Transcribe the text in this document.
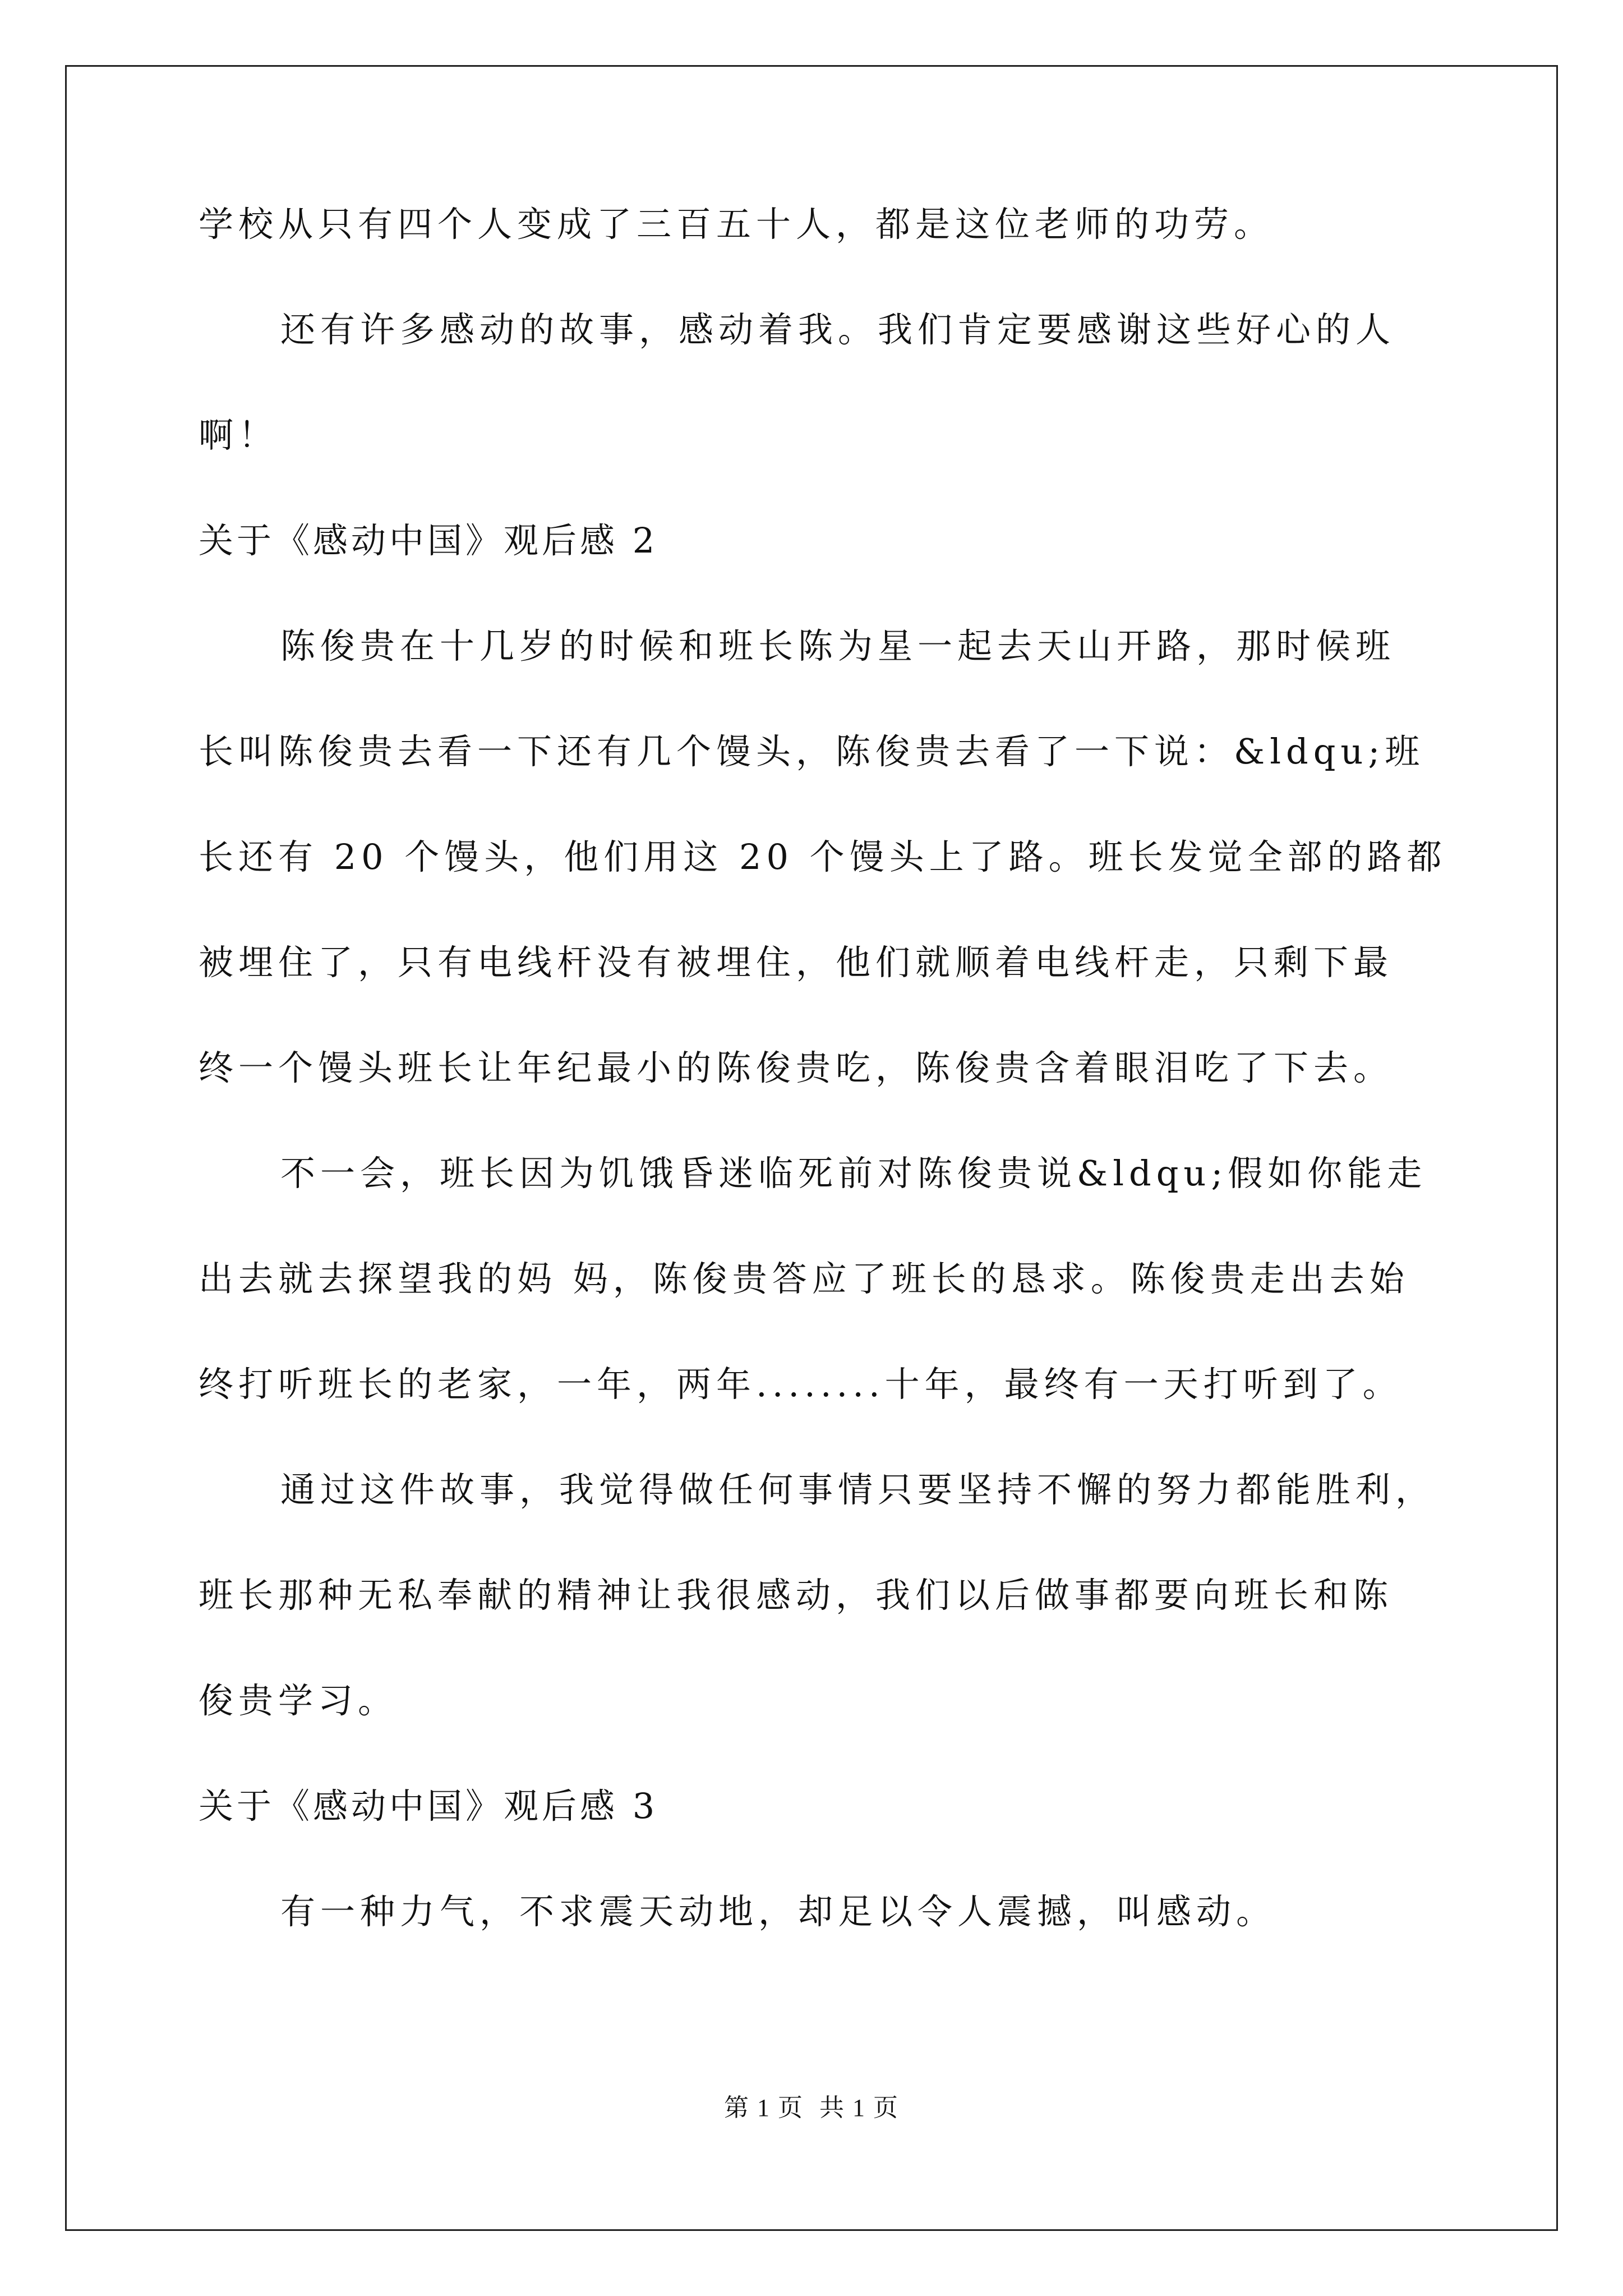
学校从只有四个人变成了三百五十人，都是这位老师的功劳。
还有许多感动的故事，感动着我。我们肯定要感谢这些好心的人
啊！
关于《感动中国》观后感 2
陈俊贵在十几岁的时候和班长陈为星一起去天山开路，那时候班
长叫陈俊贵去看一下还有几个馒头，陈俊贵去看了一下说：&ldqu;班
长还有 20 个馒头，他们用这 20 个馒头上了路。班长发觉全部的路都
被埋住了，只有电线杆没有被埋住，他们就顺着电线杆走，只剩下最
终一个馒头班长让年纪最小的陈俊贵吃，陈俊贵含着眼泪吃了下去。
不一会，班长因为饥饿昏迷临死前对陈俊贵说&ldqu;假如你能走
出去就去探望我的妈 妈，陈俊贵答应了班长的恳求。陈俊贵走出去始
终打听班长的老家，一年，两年........十年，最终有一天打听到了。
通过这件故事，我觉得做任何事情只要坚持不懈的努力都能胜利，
班长那种无私奉献的精神让我很感动，我们以后做事都要向班长和陈
俊贵学习。
关于《感动中国》观后感 3
有一种力气，不求震天动地，却足以令人震撼，叫感动。
第 1 页 共 1 页
